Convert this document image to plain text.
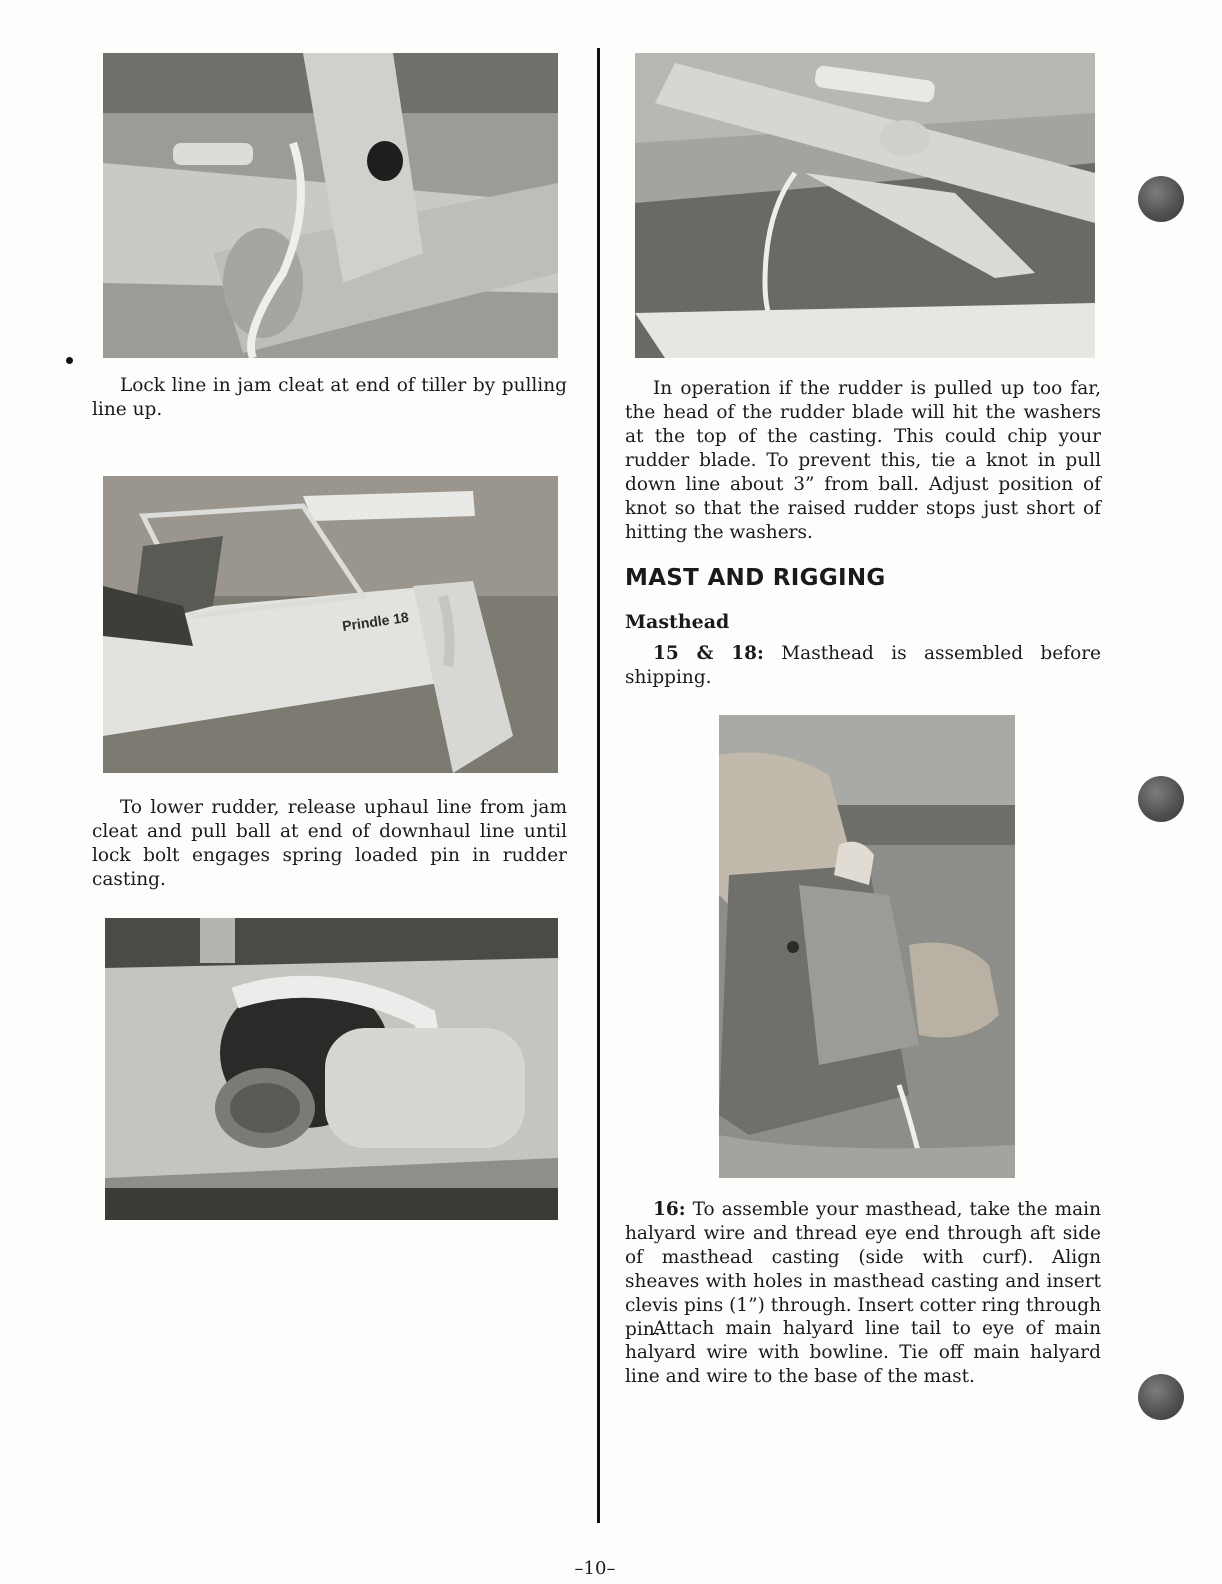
Lock line in jam cleat at end of tiller by pulling line up.

Prindle 18

To lower rudder, release uphaul line from jam cleat and pull ball at end of downhaul line until lock bolt engages spring loaded pin in rudder casting.

In operation if the rudder is pulled up too far, the head of the rudder blade will hit the washers at the top of the casting. This could chip your rudder blade. To prevent this, tie a knot in pull down line about 3” from ball. Adjust position of knot so that the raised rudder stops just short of hitting the washers.

MAST AND RIGGING
Masthead

15 & 18: Masthead is assembled before shipping.

16: To assemble your masthead, take the main halyard wire and thread eye end through aft side of masthead casting (side with curf). Align sheaves with holes in masthead casting and insert clevis pins (1”) through. Insert cotter ring through pin.

Attach main halyard line tail to eye of main halyard wire with bowline. Tie off main halyard line and wire to the base of the mast.

–10–
